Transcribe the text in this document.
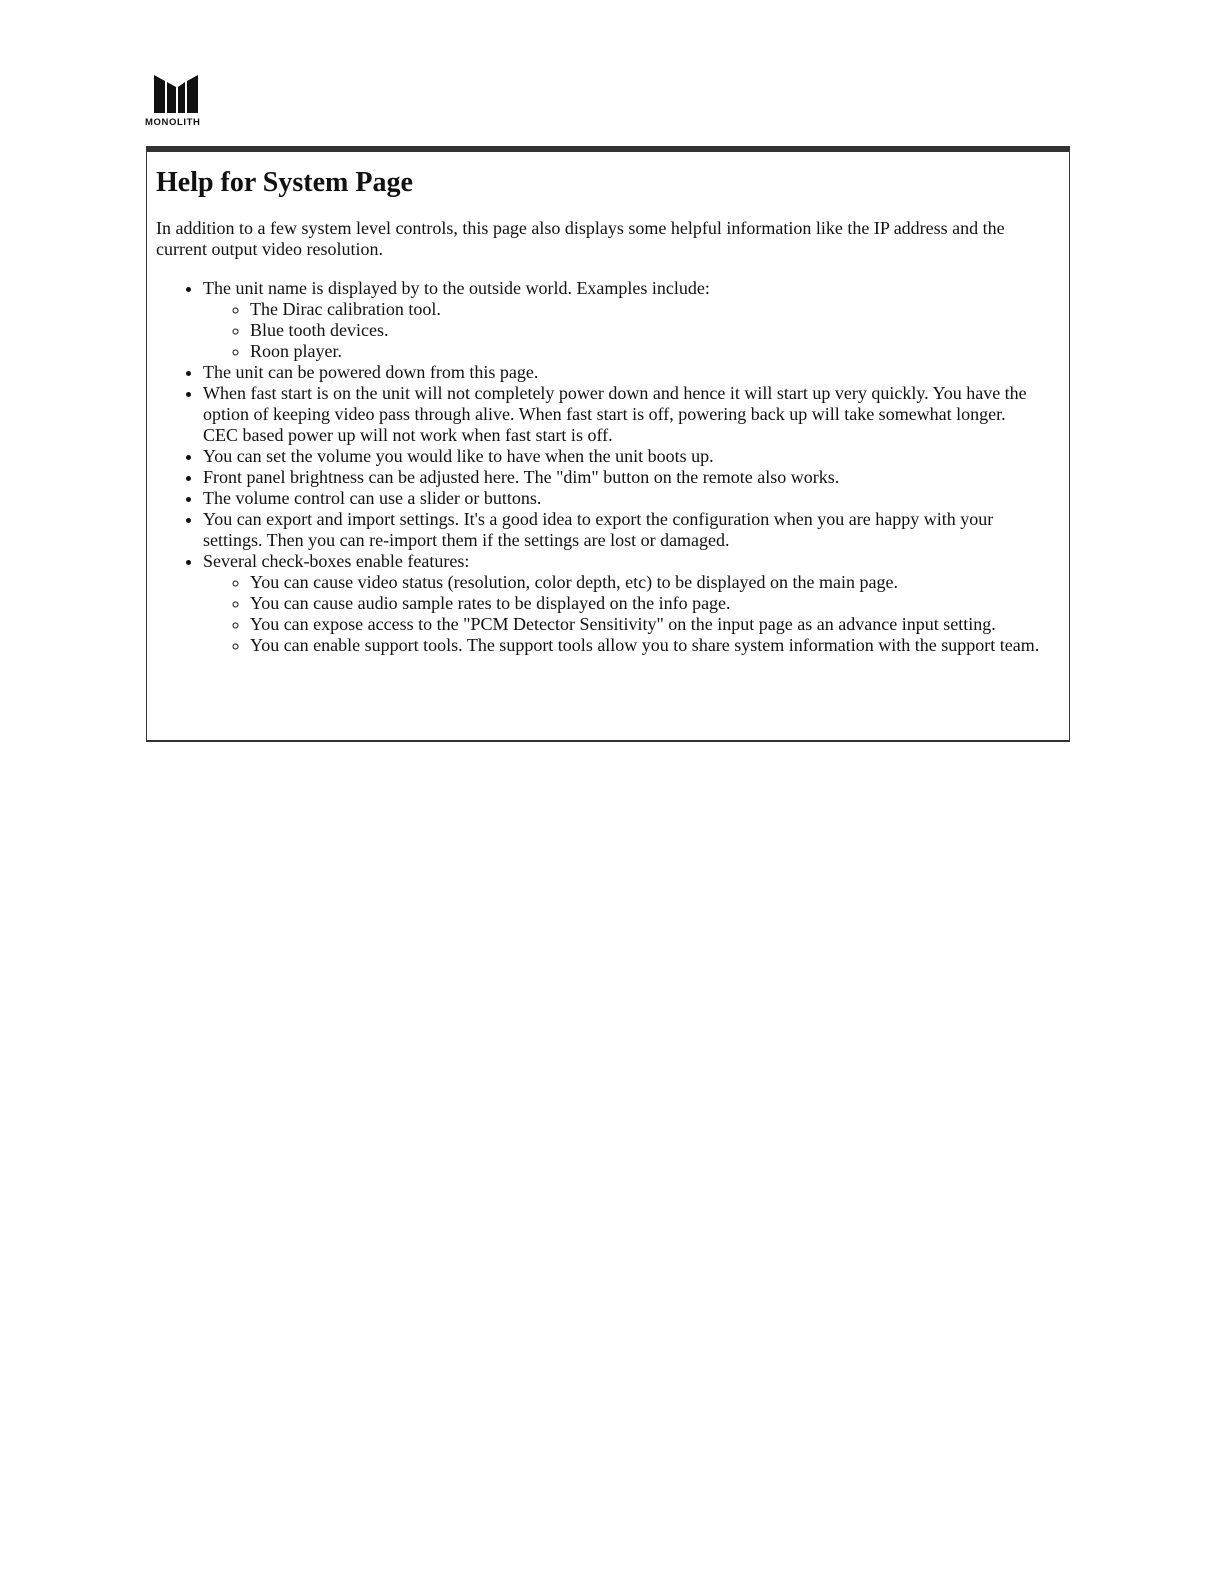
MONOLITH
Help for System Page

In addition to a few system level controls, this page also displays some helpful information like the IP address and the current output video resolution.

• The unit name is displayed by to the outside world. Examples include:
◦ The Dirac calibration tool.
◦ Blue tooth devices.
◦ Roon player.
• The unit can be powered down from this page.
• When fast start is on the unit will not completely power down and hence it will start up very quickly. You have the option of keeping video pass through alive. When fast start is off, powering back up will take somewhat longer. CEC based power up will not work when fast start is off.
• You can set the volume you would like to have when the unit boots up.
• Front panel brightness can be adjusted here. The "dim" button on the remote also works.
• The volume control can use a slider or buttons.
• You can export and import settings. It's a good idea to export the configuration when you are happy with your settings. Then you can re-import them if the settings are lost or damaged.
• Several check-boxes enable features:
◦ You can cause video status (resolution, color depth, etc) to be displayed on the main page.
◦ You can cause audio sample rates to be displayed on the info page.
◦ You can expose access to the "PCM Detector Sensitivity" on the input page as an advance input setting.
◦ You can enable support tools. The support tools allow you to share system information with the support team.
